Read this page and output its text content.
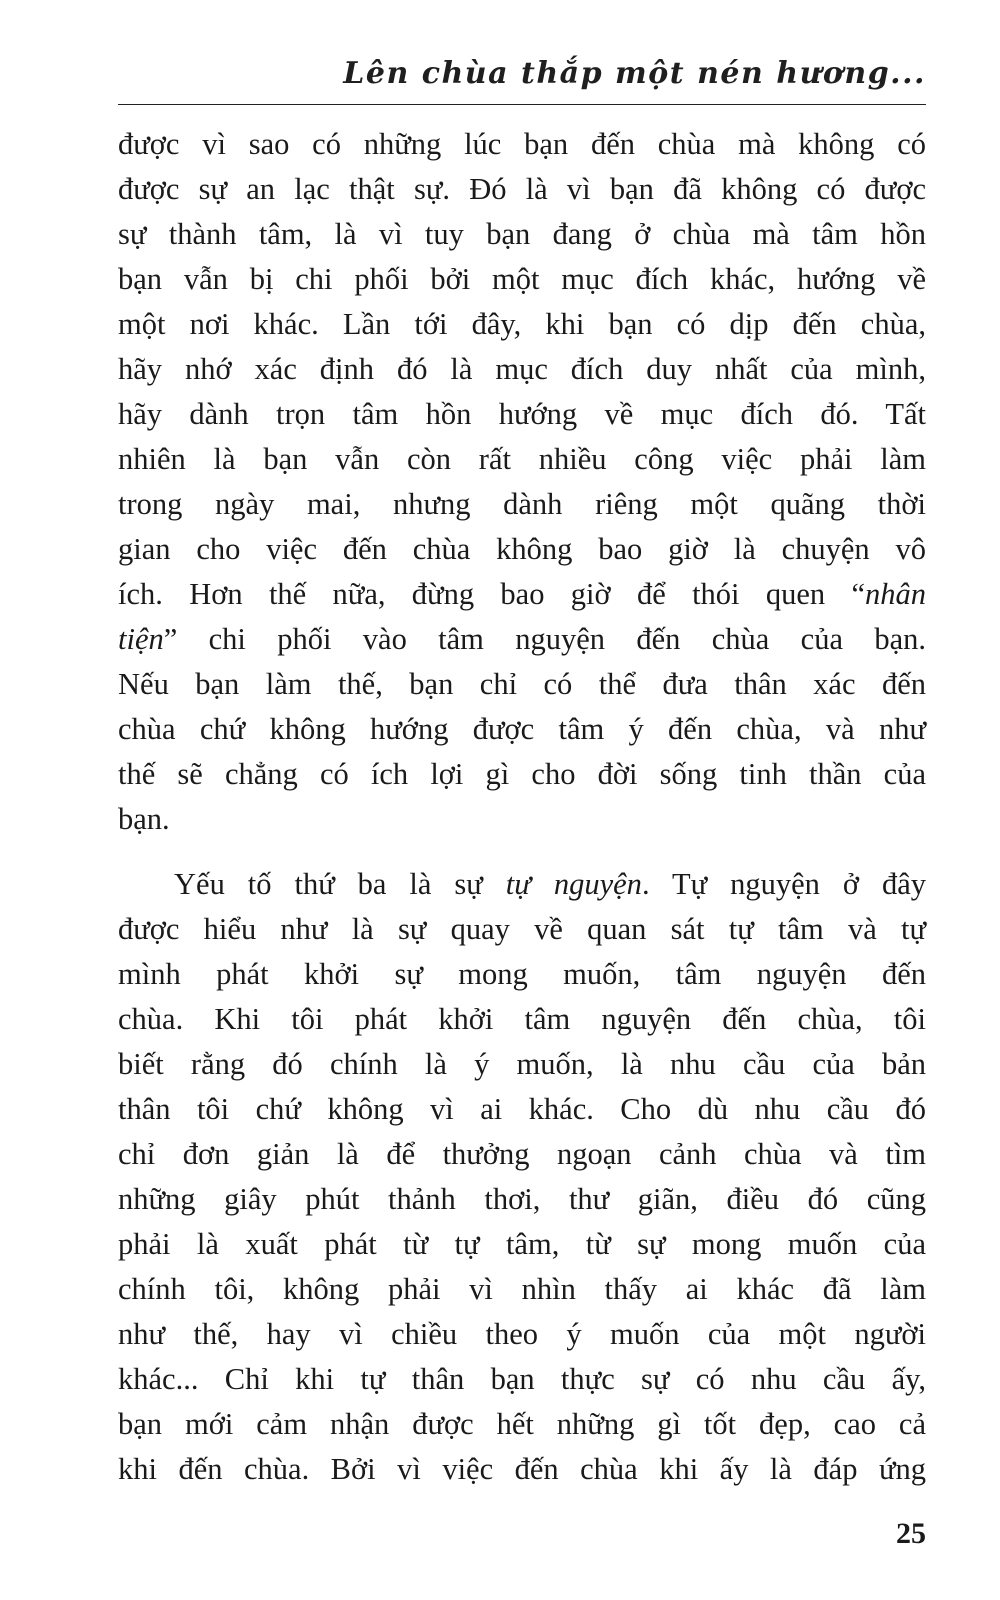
Lên chùa thắp một nén hương...
được vì sao có những lúc bạn đến chùa mà không có
được sự an lạc thật sự. Đó là vì bạn đã không có được
sự thành tâm, là vì tuy bạn đang ở chùa mà tâm hồn
bạn vẫn bị chi phối bởi một mục đích khác, hướng về
một nơi khác. Lần tới đây, khi bạn có dịp đến chùa,
hãy nhớ xác định đó là mục đích duy nhất của mình,
hãy dành trọn tâm hồn hướng về mục đích đó. Tất
nhiên là bạn vẫn còn rất nhiều công việc phải làm
trong ngày mai, nhưng dành riêng một quãng thời
gian cho việc đến chùa không bao giờ là chuyện vô
ích. Hơn thế nữa, đừng bao giờ để thói quen “nhân
tiện” chi phối vào tâm nguyện đến chùa của bạn.
Nếu bạn làm thế, bạn chỉ có thể đưa thân xác đến
chùa chứ không hướng được tâm ý đến chùa, và như
thế sẽ chẳng có ích lợi gì cho đời sống tinh thần của
bạn.
Yếu tố thứ ba là sự tự nguyện. Tự nguyện ở đây
được hiểu như là sự quay về quan sát tự tâm và tự
mình phát khởi sự mong muốn, tâm nguyện đến
chùa. Khi tôi phát khởi tâm nguyện đến chùa, tôi
biết rằng đó chính là ý muốn, là nhu cầu của bản
thân tôi chứ không vì ai khác. Cho dù nhu cầu đó
chỉ đơn giản là để thưởng ngoạn cảnh chùa và tìm
những giây phút thảnh thơi, thư giãn, điều đó cũng
phải là xuất phát từ tự tâm, từ sự mong muốn của
chính tôi, không phải vì nhìn thấy ai khác đã làm
như thế, hay vì chiều theo ý muốn của một người
khác... Chỉ khi tự thân bạn thực sự có nhu cầu ấy,
bạn mới cảm nhận được hết những gì tốt đẹp, cao cả
khi đến chùa. Bởi vì việc đến chùa khi ấy là đáp ứng
25
